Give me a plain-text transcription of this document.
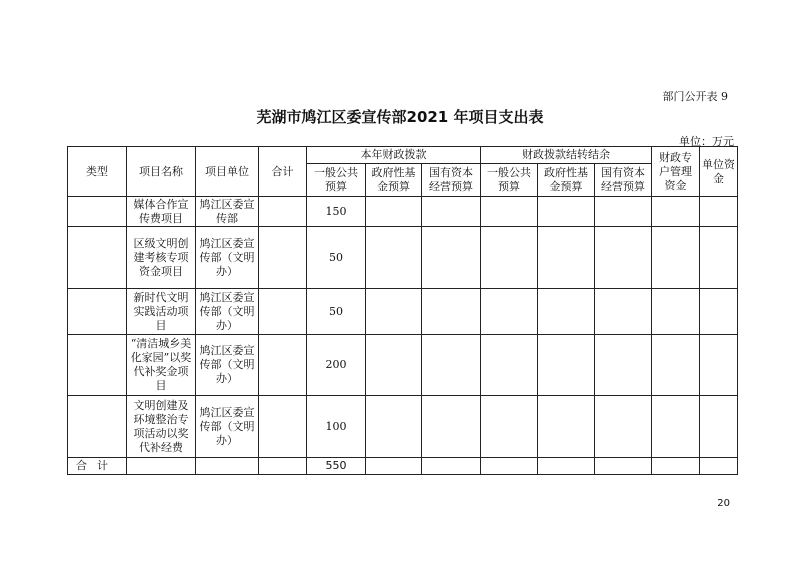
部门公开表 9
芜湖市鸠江区委宣传部2021 年项目支出表
单位：万元
类型	项目名称	项目单位	合计	本年财政拨款			财政拨款结转结余			财政专户管理资金	单位资金
				一般公共预算	政府性基金预算	国有资本经营预算	一般公共预算	政府性基金预算	国有资本经营预算		
	媒体合作宣传费项目	鸠江区委宣传部		150							
	区级文明创建考核专项资金项目	鸠江区委宣传部（文明办）		50							
	新时代文明实践活动项目	鸠江区委宣传部（文明办）		50							
	“清洁城乡美化家园”以奖代补奖金项目	鸠江区委宣传部（文明办）		200							
	文明创建及环境整治专项活动以奖代补经费	鸠江区委宣传部（文明办）		100							
合计				550							
20
